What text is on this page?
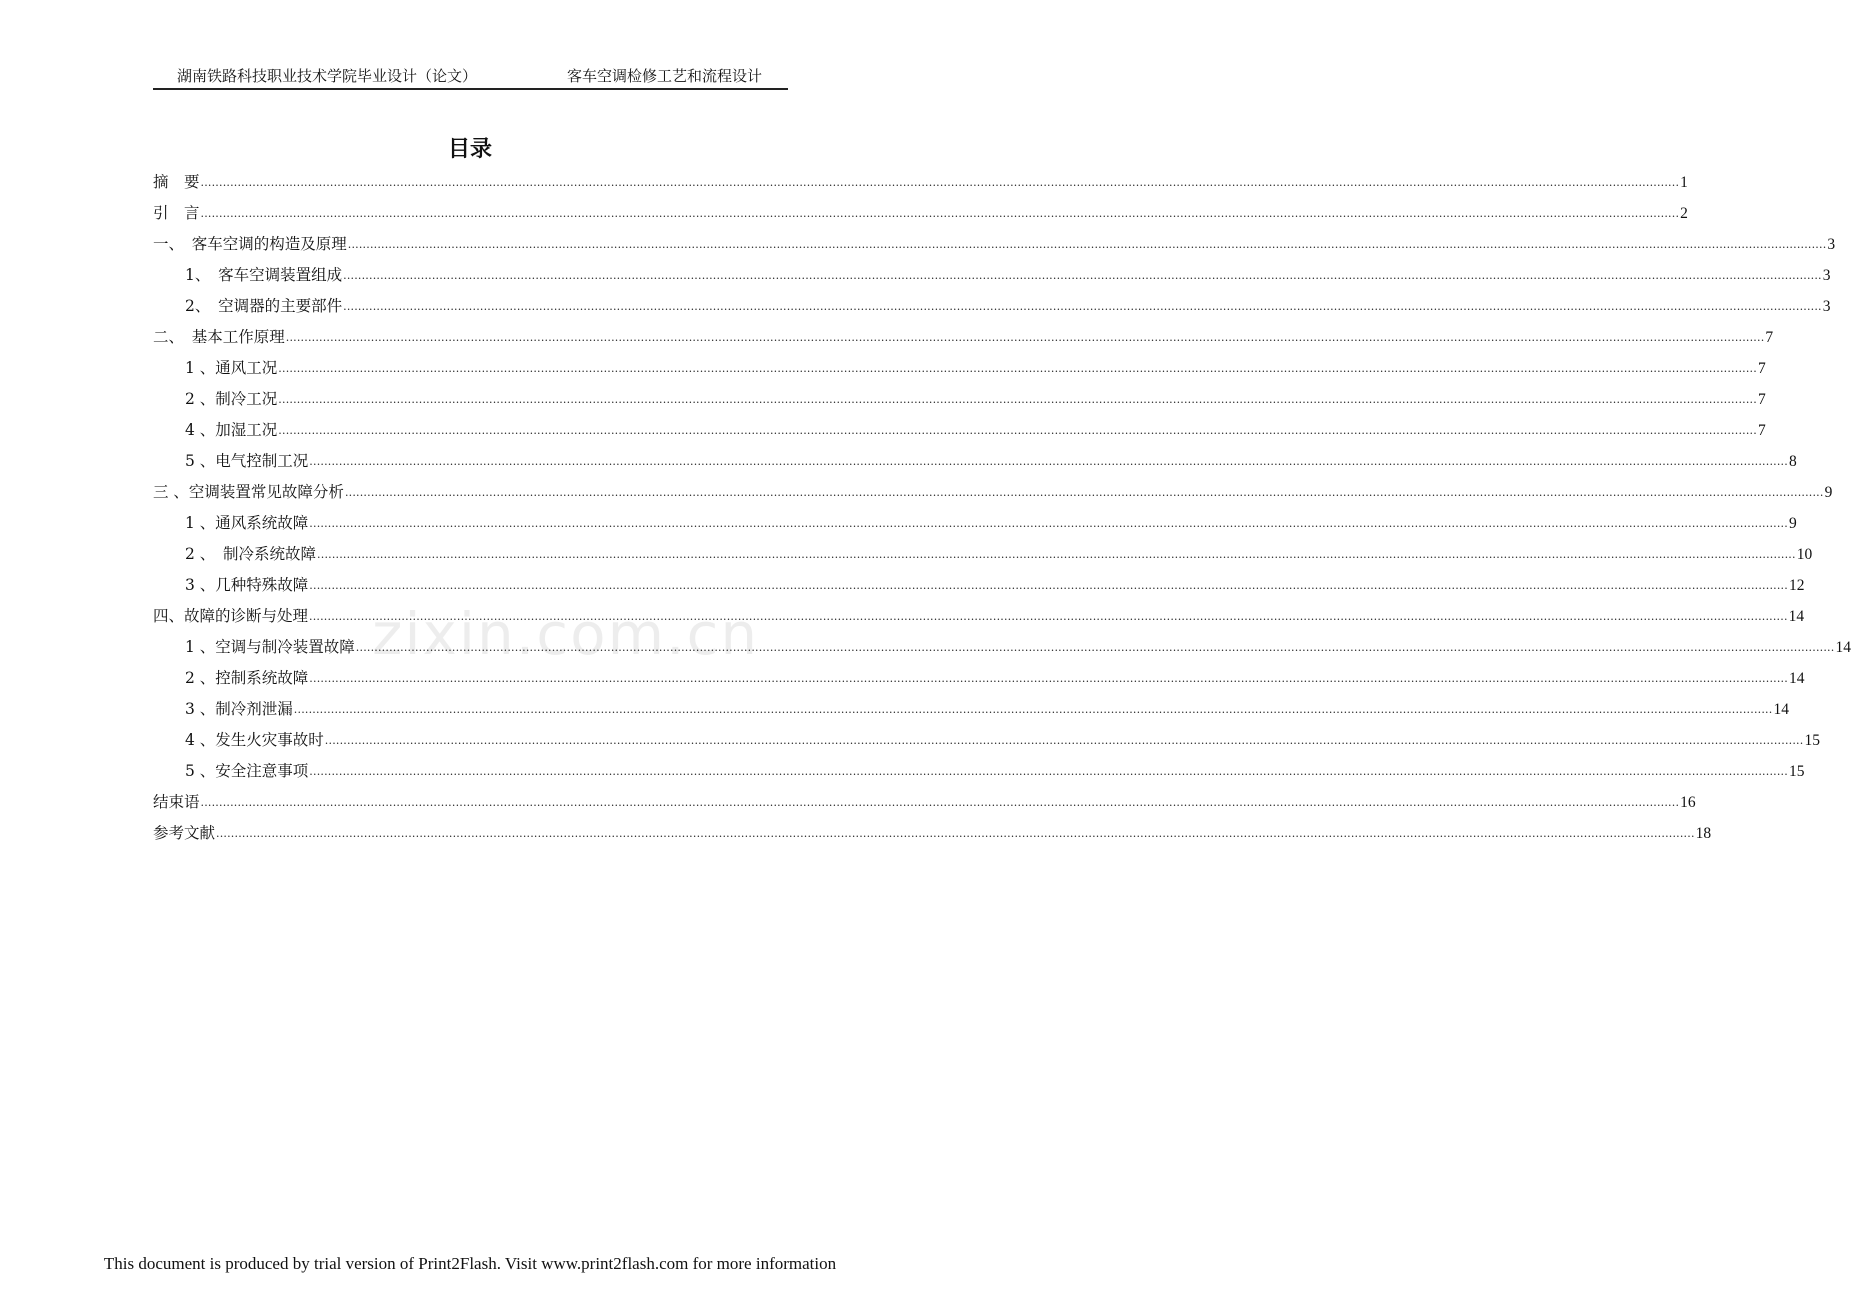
湖南铁路科技职业技术学院毕业设计（论文）	客车空调检修工艺和流程设计
目录
摘　要 ................................................................................................................................................................................................................................................................................................................................................................................................................ 1
引　言 ................................................................................................................................................................................................................................................................................................................................................................................................................ 2
一、　客车空调的构造及原理 ................................................................................................................................................................................................................................................................................................................................................................................................................ 3
1、　客车空调装置组成 ................................................................................................................................................................................................................................................................................................................................................................................................................ 3
2、　空调器的主要部件 ................................................................................................................................................................................................................................................................................................................................................................................................................ 3
二、　基本工作原理 ................................................................................................................................................................................................................................................................................................................................................................................................................ 7
1 、通风工况 ................................................................................................................................................................................................................................................................................................................................................................................................................ 7
2 、制冷工况 ................................................................................................................................................................................................................................................................................................................................................................................................................ 7
4 、加湿工况 ................................................................................................................................................................................................................................................................................................................................................................................................................ 7
5 、电气控制工况 ................................................................................................................................................................................................................................................................................................................................................................................................................ 8
三 、空调装置常见故障分析 ................................................................................................................................................................................................................................................................................................................................................................................................................ 9
1 、通风系统故障 ................................................................................................................................................................................................................................................................................................................................................................................................................ 9
2 、　制冷系统故障 ................................................................................................................................................................................................................................................................................................................................................................................................................ 10
3 、几种特殊故障 ................................................................................................................................................................................................................................................................................................................................................................................................................ 12
四、故障的诊断与处理 ................................................................................................................................................................................................................................................................................................................................................................................................................ 14
1 、空调与制冷装置故障 ................................................................................................................................................................................................................................................................................................................................................................................................................ 14
2 、控制系统故障 ................................................................................................................................................................................................................................................................................................................................................................................................................ 14
3 、制冷剂泄漏 ................................................................................................................................................................................................................................................................................................................................................................................................................ 14
4 、发生火灾事故时 ................................................................................................................................................................................................................................................................................................................................................................................................................ 15
5 、安全注意事项 ................................................................................................................................................................................................................................................................................................................................................................................................................ 15
结束语 ................................................................................................................................................................................................................................................................................................................................................................................................................ 16
参考文献 ................................................................................................................................................................................................................................................................................................................................................................................................................ 18
zixin.com.cn
This document is produced by trial version of Print2Flash. Visit www.print2flash.com for more information
